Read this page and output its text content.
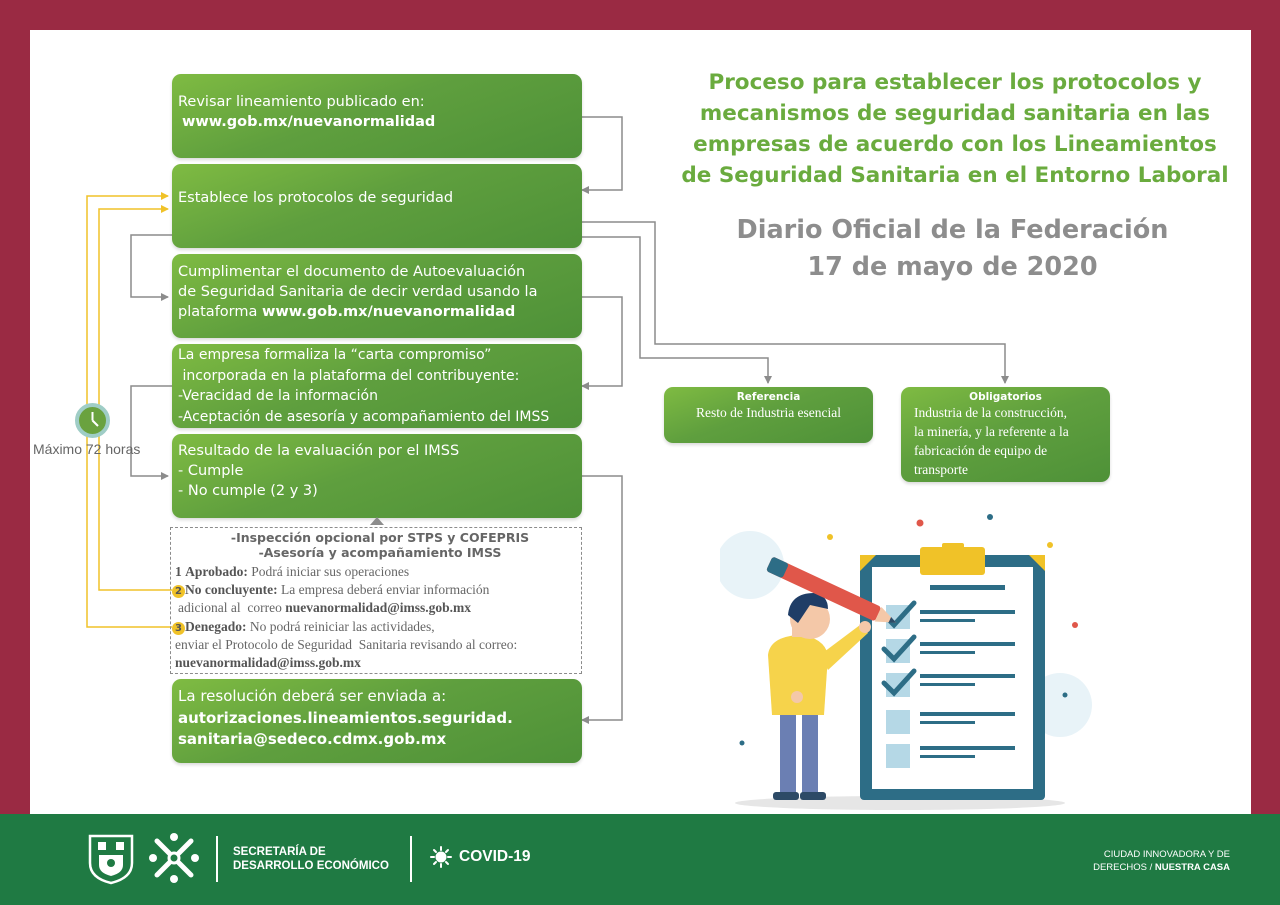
Revisar lineamiento publicado en:
www.gob.mx/nuevanormalidad
Establece los protocolos de seguridad
Cumplimentar el documento de Autoevaluación
de Seguridad Sanitaria de decir verdad usando la
plataforma www.gob.mx/nuevanormalidad
La empresa formaliza la “carta compromiso”
incorporada en la plataforma del contribuyente:
-Veracidad de la información
-Aceptación de asesoría y acompañamiento del IMSS
Resultado de la evaluación por el IMSS
- Cumple
- No cumple (2 y 3)
-Inspección opcional por STPS y COFEPRIS
-Asesoría y acompañamiento IMSS
1 Aprobado: Podrá iniciar sus operaciones
2 No concluyente: La empresa deberá enviar información
adicional al  correo nuevanormalidad@imss.gob.mx
3 Denegado: No podrá reiniciar las actividades,
enviar el Protocolo de Seguridad  Sanitaria revisando al correo:
nuevanormalidad@imss.gob.mx
La resolución deberá ser enviada a:
autorizaciones.lineamientos.seguridad.
sanitaria@sedeco.cdmx.gob.mx
Máximo 72 horas
Proceso para establecer los protocolos y
mecanismos de seguridad sanitaria en las
empresas de acuerdo con los Lineamientos
de Seguridad Sanitaria en el Entorno Laboral
Diario Oficial de la Federación
17 de mayo de 2020
Referencia
Resto de Industria esencial
Obligatorios
Industria de la construcción,
la minería, y la referente a la
fabricación de equipo de
transporte
SECRETARÍA DE
DESARROLLO ECONÓMICO
COVID-19	CIUDAD INNOVADORA Y DE
DERECHOS / NUESTRA CASA
